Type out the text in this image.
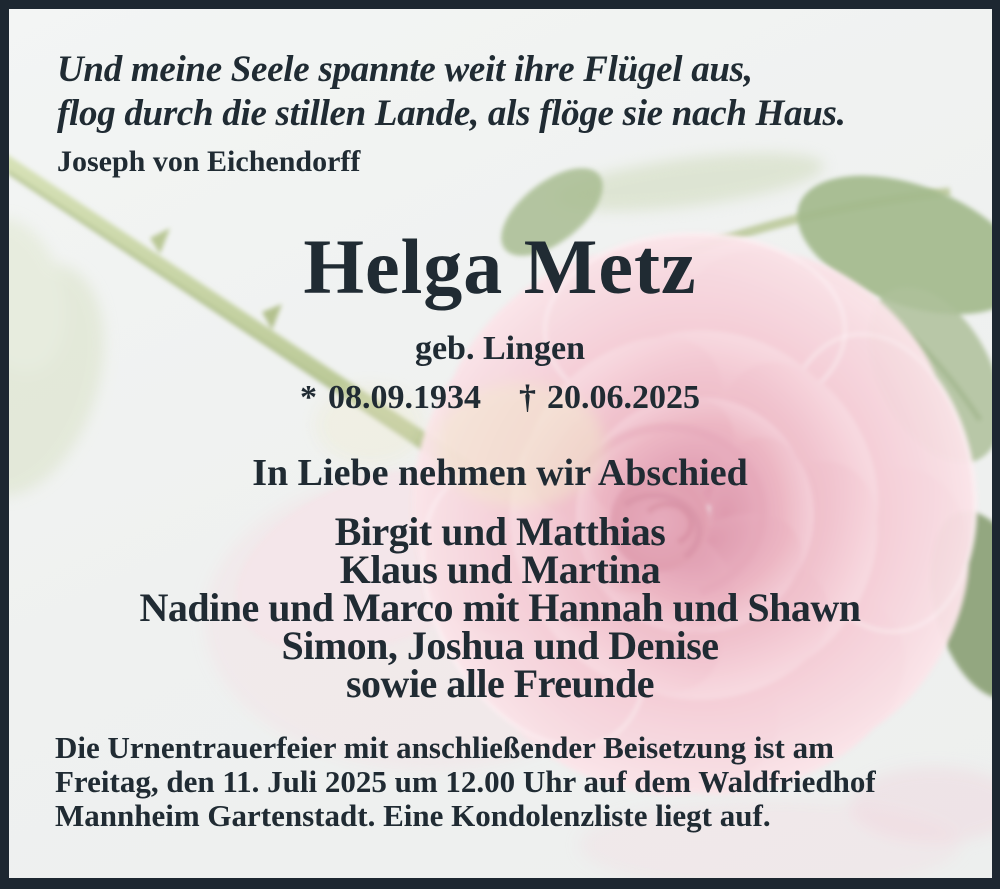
Und meine Seele spannte weit ihre Flügel aus,
flog durch die stillen Lande, als flöge sie nach Haus.
Joseph von Eichendorff
Helga Metz
geb. Lingen
* 08.09.1934 † 20.06.2025
In Liebe nehmen wir Abschied
Birgit und Matthias
Klaus und Martina
Nadine und Marco mit Hannah und Shawn
Simon, Joshua und Denise
sowie alle Freunde
Die Urnentrauerfeier mit anschließender Beisetzung ist am
Freitag, den 11. Juli 2025 um 12.00 Uhr auf dem Waldfriedhof
Mannheim Gartenstadt. Eine Kondolenzliste liegt auf.
